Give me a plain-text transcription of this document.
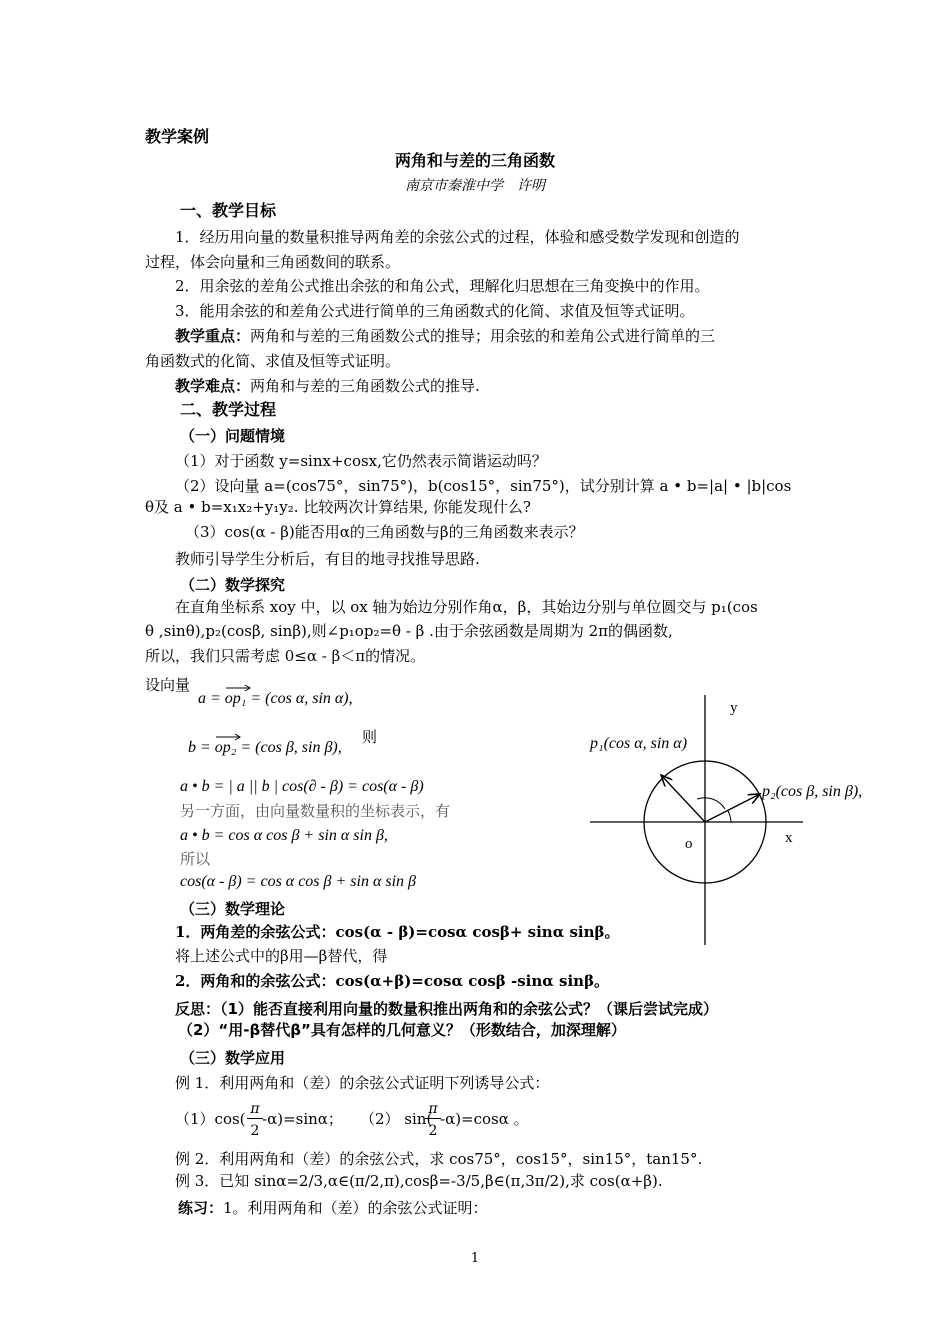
教学案例
两角和与差的三角函数
南京市秦淮中学　许明
一、教学目标
1．经历用向量的数量积推导两角差的余弦公式的过程，体验和感受数学发现和创造的
过程，体会向量和三角函数间的联系。
2．用余弦的差角公式推出余弦的和角公式，理解化归思想在三角变换中的作用。
3．能用余弦的和差角公式进行简单的三角函数式的化简、求值及恒等式证明。
教学重点：两角和与差的三角函数公式的推导；用余弦的和差角公式进行简单的三
角函数式的化简、求值及恒等式证明。
教学难点：两角和与差的三角函数公式的推导.
二、教学过程
（一）问题情境
（1）对于函数 y=sinx+cosx,它仍然表示简谐运动吗？
（2）设向量 a=(cos75°，sin75°)，b(cos15°，sin75°)，试分别计算 a • b=|a| • |b|cos
θ及 a • b=x₁x₂+y₁y₂. 比较两次计算结果, 你能发现什么?
（3）cos(α - β)能否用α的三角函数与β的三角函数来表示？
教师引导学生分析后，有目的地寻找推导思路.
（二）数学探究
在直角坐标系 xoy 中，以 ox 轴为始边分别作角α，β，其始边分别与单位圆交与 p₁(cos
θ ,sinθ),p₂(cosβ, sinβ),则∠p₁op₂=θ - β .由于余弦函数是周期为 2π的偶函数,
所以，我们只需考虑 0≤α - β＜π的情况。
设向量
a = op₁ = (cos α, sin α),
b = op₂ = (cos β, sin β),
则
a • b = | a || b | cos(∂ - β) = cos(α - β)
另一方面，由向量数量积的坐标表示，有
a • b = cos α cos β + sin α sin β,
所以
cos(α - β) = cos α cos β + sin α sin β
（三）数学理论
1．两角差的余弦公式：cos(α - β)=cosα cosβ+ sinα sinβ。
将上述公式中的β用—β替代，得
2．两角和的余弦公式：cos(α+β)=cosα cosβ -sinα sinβ。
反思：（1）能否直接利用向量的数量积推出两角和的余弦公式？（课后尝试完成）
（2）“用-β替代β”具有怎样的几何意义？（形数结合，加深理解）
（三）数学应用
例 1．利用两角和（差）的余弦公式证明下列诱导公式：
（1）cos(
π
2
-α)=sinα； （2） sin(
π
2
-α)=cosα 。
例 2．利用两角和（差）的余弦公式，求 cos75°，cos15°，sin15°，tan15°.
例 3．已知 sinα=2/3,α∈(π/2,π),cosβ=-3/5,β∈(π,3π/2),求 cos(α+β).
练习：1。利用两角和（差）的余弦公式证明：
1
y
x
o
p₁(cos α, sin α)
p₂(cos β, sin β),
